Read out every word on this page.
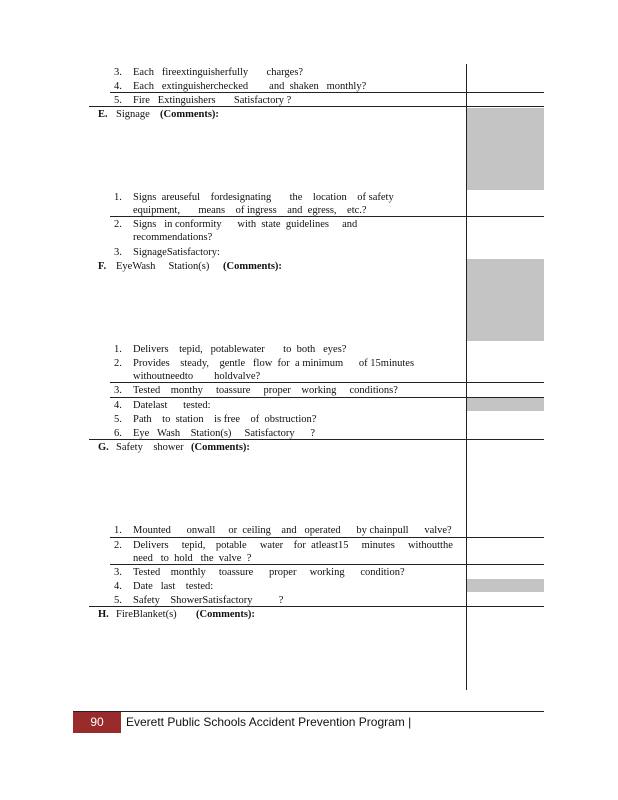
3. Each   fireextinguisherfully       charges?
4. Each   extinguisherchecked        and  shaken   monthly?
5. Fire   Extinguishers       Satisfactory ?
E. Signage (Comments):
1. Signs  areuseful    fordesignating       the    location    of safety
equipment,       means    of ingress    and  egress,    etc.?
2. Signs   in conformity      with  state  guidelines     and
recommendations?
3. SignageSatisfactory:
F. EyeWash     Station(s) (Comments):
1. Delivers    tepid,   potablewater       to  both   eyes?
2. Provides    steady,    gentle   flow  for  a minimum      of 15minutes
withoutneedto        holdvalve?
3. Tested    monthy     toassure     proper    working     conditions?
4. Datelast      tested:
5. Path    to  station    is free    of  obstruction?
6. Eye   Wash    Station(s)     Satisfactory      ?
G. Safety    shower (Comments):
1. Mounted      onwall     or  ceiling    and   operated      by chainpull      valve?
2. Delivers     tepid,    potable     water    for  atleast15     minutes     withoutthe
need   to  hold   the  valve  ?
3. Tested    monthly     toassure      proper     working      condition?
4. Date   last    tested:
5. Safety    ShowerSatisfactory          ?
H. FireBlanket(s) (Comments):
90	Everett Public Schools Accident Prevention Program |
